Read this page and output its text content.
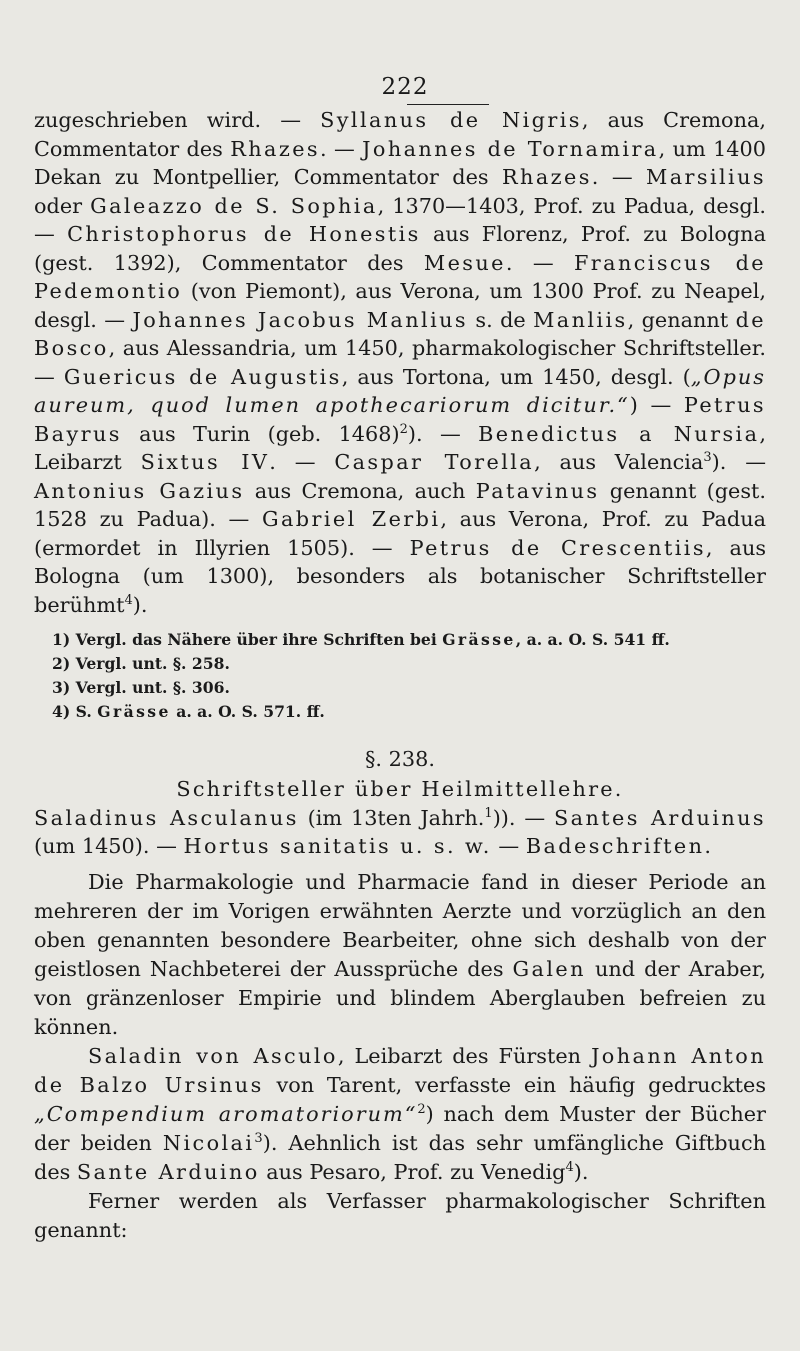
222

zugeschrieben wird. — Syllanus de Nigris, aus Cremona, Commentator des Rhazes. — Johannes de Tornamira, um 1400 Dekan zu Montpellier, Commentator des Rhazes. — Marsilius oder Galeazzo de S. Sophia, 1370—1403, Prof. zu Padua, desgl. — Christophorus de Honestis aus Florenz, Prof. zu Bologna (gest. 1392), Commentator des Mesue. — Franciscus de Pedemontio (von Piemont), aus Verona, um 1300 Prof. zu Neapel, desgl. — Johannes Jacobus Manlius s. de Manliis, genannt de Bosco, aus Alessandria, um 1450, pharmakologischer Schriftsteller. — Guericus de Augustis, aus Tortona, um 1450, desgl. („Opus aureum, quod lumen apothecariorum dicitur.“) — Petrus Bayrus aus Turin (geb. 1468)$^2$). — Benedictus a Nursia, Leibarzt Sixtus IV. — Caspar Torella, aus Valencia$^3$). — Antonius Gazius aus Cremona, auch Patavinus genannt (gest. 1528 zu Padua). — Gabriel Zerbi, aus Verona, Prof. zu Padua (ermordet in Illyrien 1505). — Petrus de Crescentiis, aus Bologna (um 1300), besonders als botanischer Schriftsteller berühmt$^4$).

1) Vergl. das Nähere über ihre Schriften bei Grässe, a. a. O. S. 541 ff.
2) Vergl. unt. §. 258.
3) Vergl. unt. §. 306.
4) S. Grässe a. a. O. S. 571. ff.
§. 238.
Schriftsteller über Heilmittellehre.
Saladinus Asculanus (im 13ten Jahrh.$^1$)). — Santes Arduinus (um 1450). — Hortus sanitatis u. s. w. — Badeschriften.

Die Pharmakologie und Pharmacie fand in dieser Periode an mehreren der im Vorigen erwähnten Aerzte und vorzüglich an den oben genannten besondere Bearbeiter, ohne sich deshalb von der geistlosen Nachbeterei der Aussprüche des Galen und der Araber, von gränzenloser Empirie und blindem Aberglauben befreien zu können.

Saladin von Asculo, Leibarzt des Fürsten Johann Anton de Balzo Ursinus von Tarent, verfasste ein häufig gedrucktes „Compendium aromatoriorum“$^2$) nach dem Muster der Bücher der beiden Nicolai$^3$). Aehnlich ist das sehr umfängliche Giftbuch des Sante Arduino aus Pesaro, Prof. zu Venedig$^4$).

Ferner werden als Verfasser pharmakologischer Schriften genannt:
